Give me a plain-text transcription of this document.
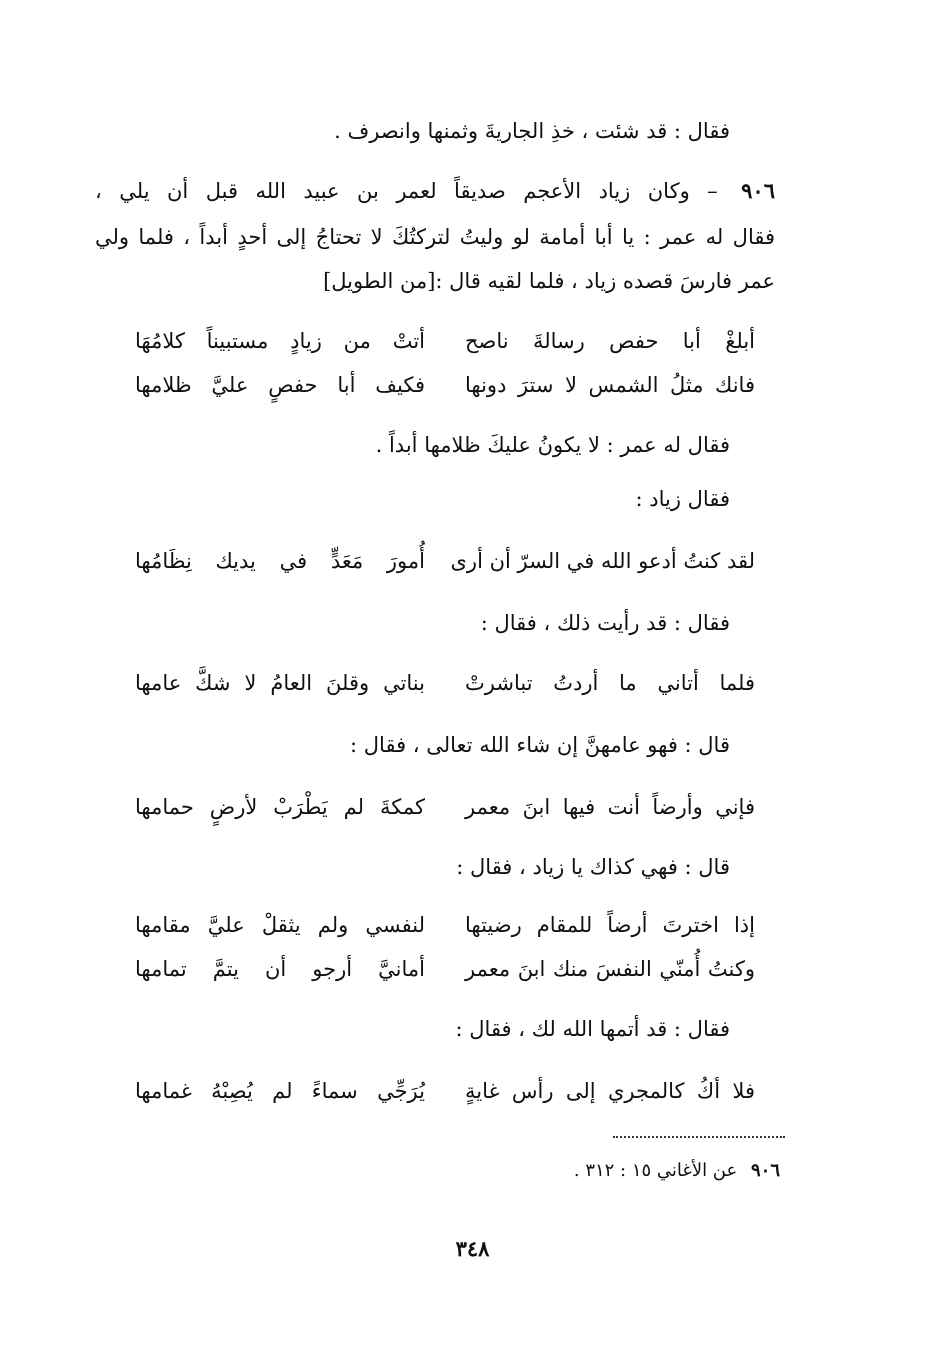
فقال : قد شئت ، خذِ الجاريةَ وثمنها وانصرف .
٩٠٦ – وكان زياد الأعجم صديقاً لعمر بن عبيد الله قبل أن يلي ،
فقال له عمر : يا أبا أمامة لو وليتُ لتركتُكَ لا تحتاجُ إلى أحدٍ أبداً ، فلما ولي
عمر فارسَ قصده زياد ، فلما لقيه قال :[من الطويل]
أبلغْ أبا حفص رسالةَ ناصح
أتتْ من زيادٍ مستبيناً كلامُهَا
فانك مثلُ الشمس لا سترَ دونها
فكيف أبا حفصٍ عليَّ ظلامها
فقال له عمر : لا يكونُ عليكَ ظلامها أبداً .
فقال زياد :
لقد كنتُ أدعو الله في السرّ أن أرى
أُمورَ مَعَدٍّ في يديك نِظَامُها
فقال : قد رأيت ذلك ، فقال :
فلما أتاني ما أردتُ تباشرتْ
بناتي وقلنَ العامُ لا شكَّ عامها
قال : فهو عامهنَّ إن شاء الله تعالى ، فقال :
فإني وأرضاً أنت فيها ابنَ معمر
كمكةَ لم يَطْرَبْ لأرضٍ حمامها
قال : فهي كذاك يا زياد ، فقال :
إذا اخترتَ أرضاً للمقام رضيتها
لنفسي ولم يثقلْ عليَّ مقامها
وكنتُ أُمنّي النفسَ منك ابنَ معمر
أمانيَّ أرجو أن يتمَّ تمامها
فقال : قد أتمها الله لك ، فقال :
فلا أكُ كالمجري إلى رأس غايةٍ
يُرَجِّي سماءً لم يُصِبْهُ غمامها
٩٠٦ عن الأغاني ١٥ : ٣١٢ .
٣٤٨
